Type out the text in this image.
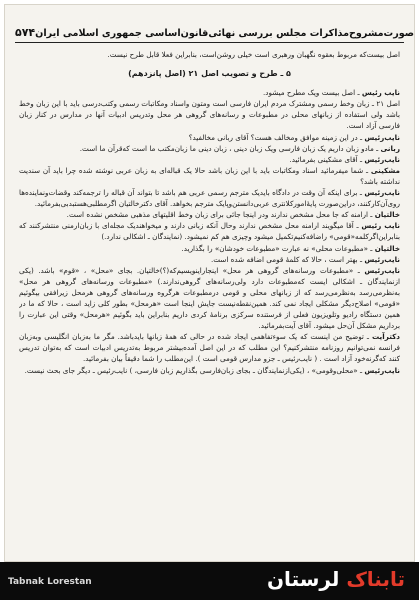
۵۷۴ صورت‌مشروح‌مذاکرات مجلس بررسی نهائی‌قانون‌اساسی جمهوری اسلامی ایران

اصل بیست‌که مربوط بعقوه نگهبان ورهبری است خیلی روشن‌است، بنابراین فعلا قابل طرح نیست.

۵ ـ طرح و تصویب اصل ۲۱ (اصل پانزدهم)

نایب رئیس ـ اصل بیست ویک مطرح میشود.

اصل ۲۱ ـ زبان وخط رسمی ومشترک مردم ایران فارسی است ومتون واسناد ومکاتبات رسمی وکتب‌درسی باید با این زبان وخط باشد ولی استفاده از زبانهای محلی در مطبوعات و رسانه‌های گروهی هر محل وتدریس ادبیات آنها در مدارس در کنار زبان فارسی آزاد است.

نایب‌رئیس ـ در این زمینه موافق ومخالف هست؟ آقای ربانی مخالفید؟

ربانی ـ مادو زبان داریم یک زبان فارسی ویک زبان دینی ، زبان دینی ما زبان‌مکتب ما است که‌قرآن ما است.

نایب‌رئیس ـ آقای مشکینی بفرمائید.

مشکینی ـ شما میفرمائید اسناد ومکاتبات باید با این زبان باشد حالا یک قباله‌ای به زبان عربی نوشته شده چرا باید آن سندیت نداشته باشد؟

نایب‌رئیس ـ برای اینکه آن وقت در دادگاه بایدیک مترجم رسمی عربی هم باشد تا بتواند آن قباله را ترجمه‌کند وقضات‌ونماینده‌ها روی‌آن‌کارکنند، دراین‌صورت‌ پایهٔ‌امور‌کلانتری عربی‌دانستن‌وپایک مترجم بخواهد. آقای دکترخالتیان اگرمطلبی‌هستبدبی‌بفرمائید.

خالتیان ـ ارامنه که جا محل مشخص ندارند ودر اینجا جائی برای زبان وخط اقلیتهای مذهبی مشخص نشده است.

نایب رئیس ـ آقا میگویند ارامنه محل مشخص ندارند وحال آنکه زبانی دارند و میخواهندیک مجله‌ای با زبان‌ارمنی منتشرکنند که بنابراین‌اگرکلمه‌«قومی» راضافه‌کنیم‌تکمیل میشود وچیزی هم کم نمیشود. (نمایندگان ـ اشکالی ندارد.)

خالتیان ـ «مطبوعات محلی» نه عبارت «مطبوعات خودشان» را بگذارید.

نایب‌رئیس ـ بهتر است ، حالا که کلمهٔ قومی اضافه شده است.

نایب‌رئیس ـ «مطبوعات ورسانه‌های گروهی هر محل» اینجاراینویسیم‌که‌(؟)خالتیان. بجای «محل» ، «قوم» باشد. (یکی ازنمایندگان ـ اشکالی ایست که‌مطبوعات دارد ولی‌رسانه‌های گروهی‌ندارند.) «مطبوعات ورسانه‌های گروهی هر محل» به‌نظرمی‌رسد به‌نظرمی‌رسد که از زبانهای محلی و قومی درمطبوعات هرگروه ورسانه‌های گروهی هرمحل زیرافقی بیگوئیم «قومی» اصلاح‌دیگر مشکلی ایجاد نمی کند. همین‌نقطه‌نیست جایش اینجا است «هرمحل» بطور کلی زاید است ، حالا که ما در همین دستگاه رادیو وتلویزیون فعلی از فرستنده سرکزی برنامهٔ کردی داریم بنابراین باید بگوئیم «هرمحل» وقتی این عبارت را برداریم مشکل آن‌حل میشود. آقای آیت‌بفرمائید.

دکترآیت ـ توضیح من اینست که یک سوءتفاهمی ایجاد شده در حالی که همهٔ زبانها بایدباشد. مگر ما به‌زبان انگلیسی وبه‌زبان فرانسه نمی‌توانیم روزنامه منتشرکنیم؟ این مطلب که در این اصل آمده‌بیشتر مربوط به‌تدریس ادبیات است که به‌توان تدریس کنند که‌گرنه‌خود آزاد است . ( نایب‌رئیس ـ جزو مدارس قومی است ). این‌مطلب را شما دقیقاً بیان بفرمائید.

نایب‌رئیس ـ «محلی‌وقومی» ، (یکی‌ازنمایندگان ـ بجای زبان‌فارسی بگذاریم زبان فارسی، ) نایب‌رئیس ـ دیگر جای بحث نیست.

Tabnak Lorestan	تابناک لرستان
